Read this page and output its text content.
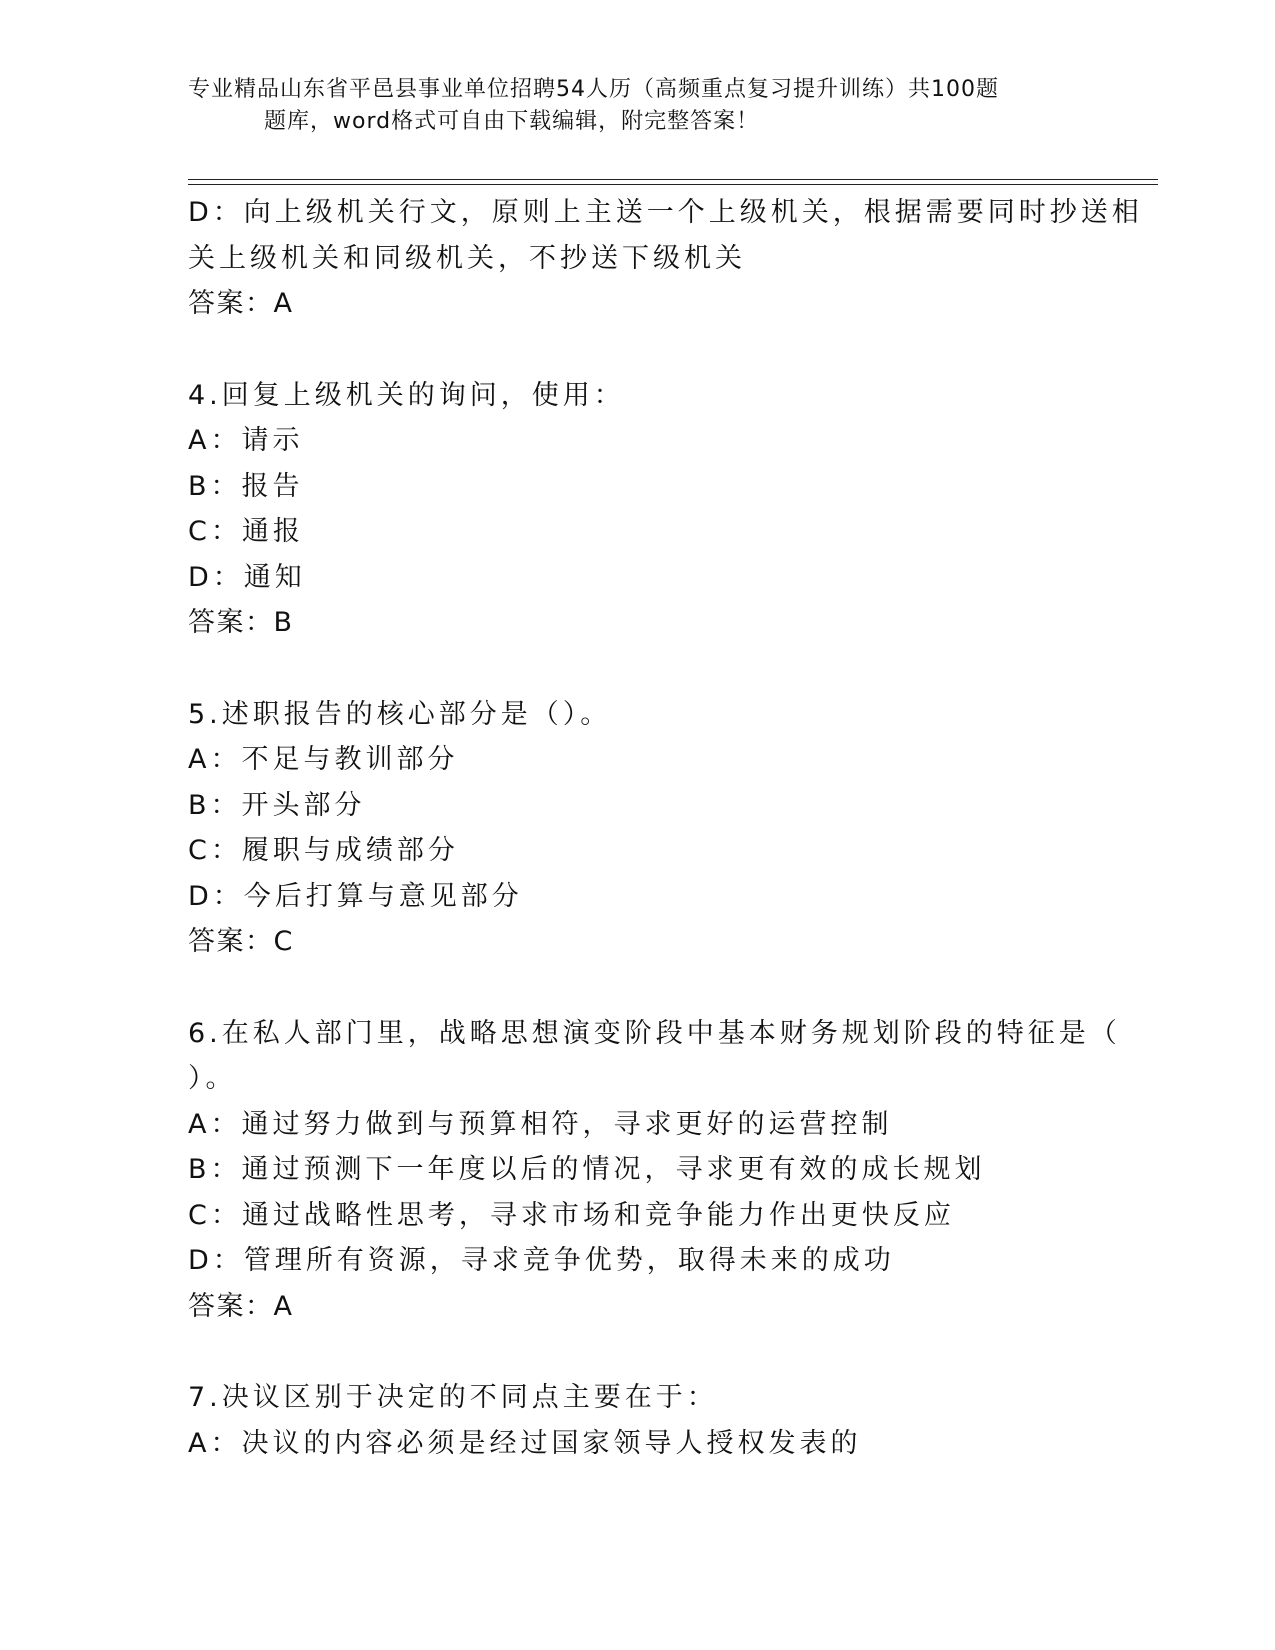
专业精品山东省平邑县事业单位招聘54人历（高频重点复习提升训练）共100题
题库，word格式可自由下载编辑，附完整答案！
D：向上级机关行文，原则上主送一个上级机关，根据需要同时抄送相
关上级机关和同级机关，不抄送下级机关
答案：A
4.回复上级机关的询问，使用：
A：请示
B：报告
C：通报
D：通知
答案：B
5.述职报告的核心部分是（）。
A：不足与教训部分
B：开头部分
C：履职与成绩部分
D：今后打算与意见部分
答案：C
6.在私人部门里，战略思想演变阶段中基本财务规划阶段的特征是（
）。
A：通过努力做到与预算相符，寻求更好的运营控制
B：通过预测下一年度以后的情况，寻求更有效的成长规划
C：通过战略性思考，寻求市场和竞争能力作出更快反应
D：管理所有资源，寻求竞争优势，取得未来的成功
答案：A
7.决议区别于决定的不同点主要在于：
A：决议的内容必须是经过国家领导人授权发表的
